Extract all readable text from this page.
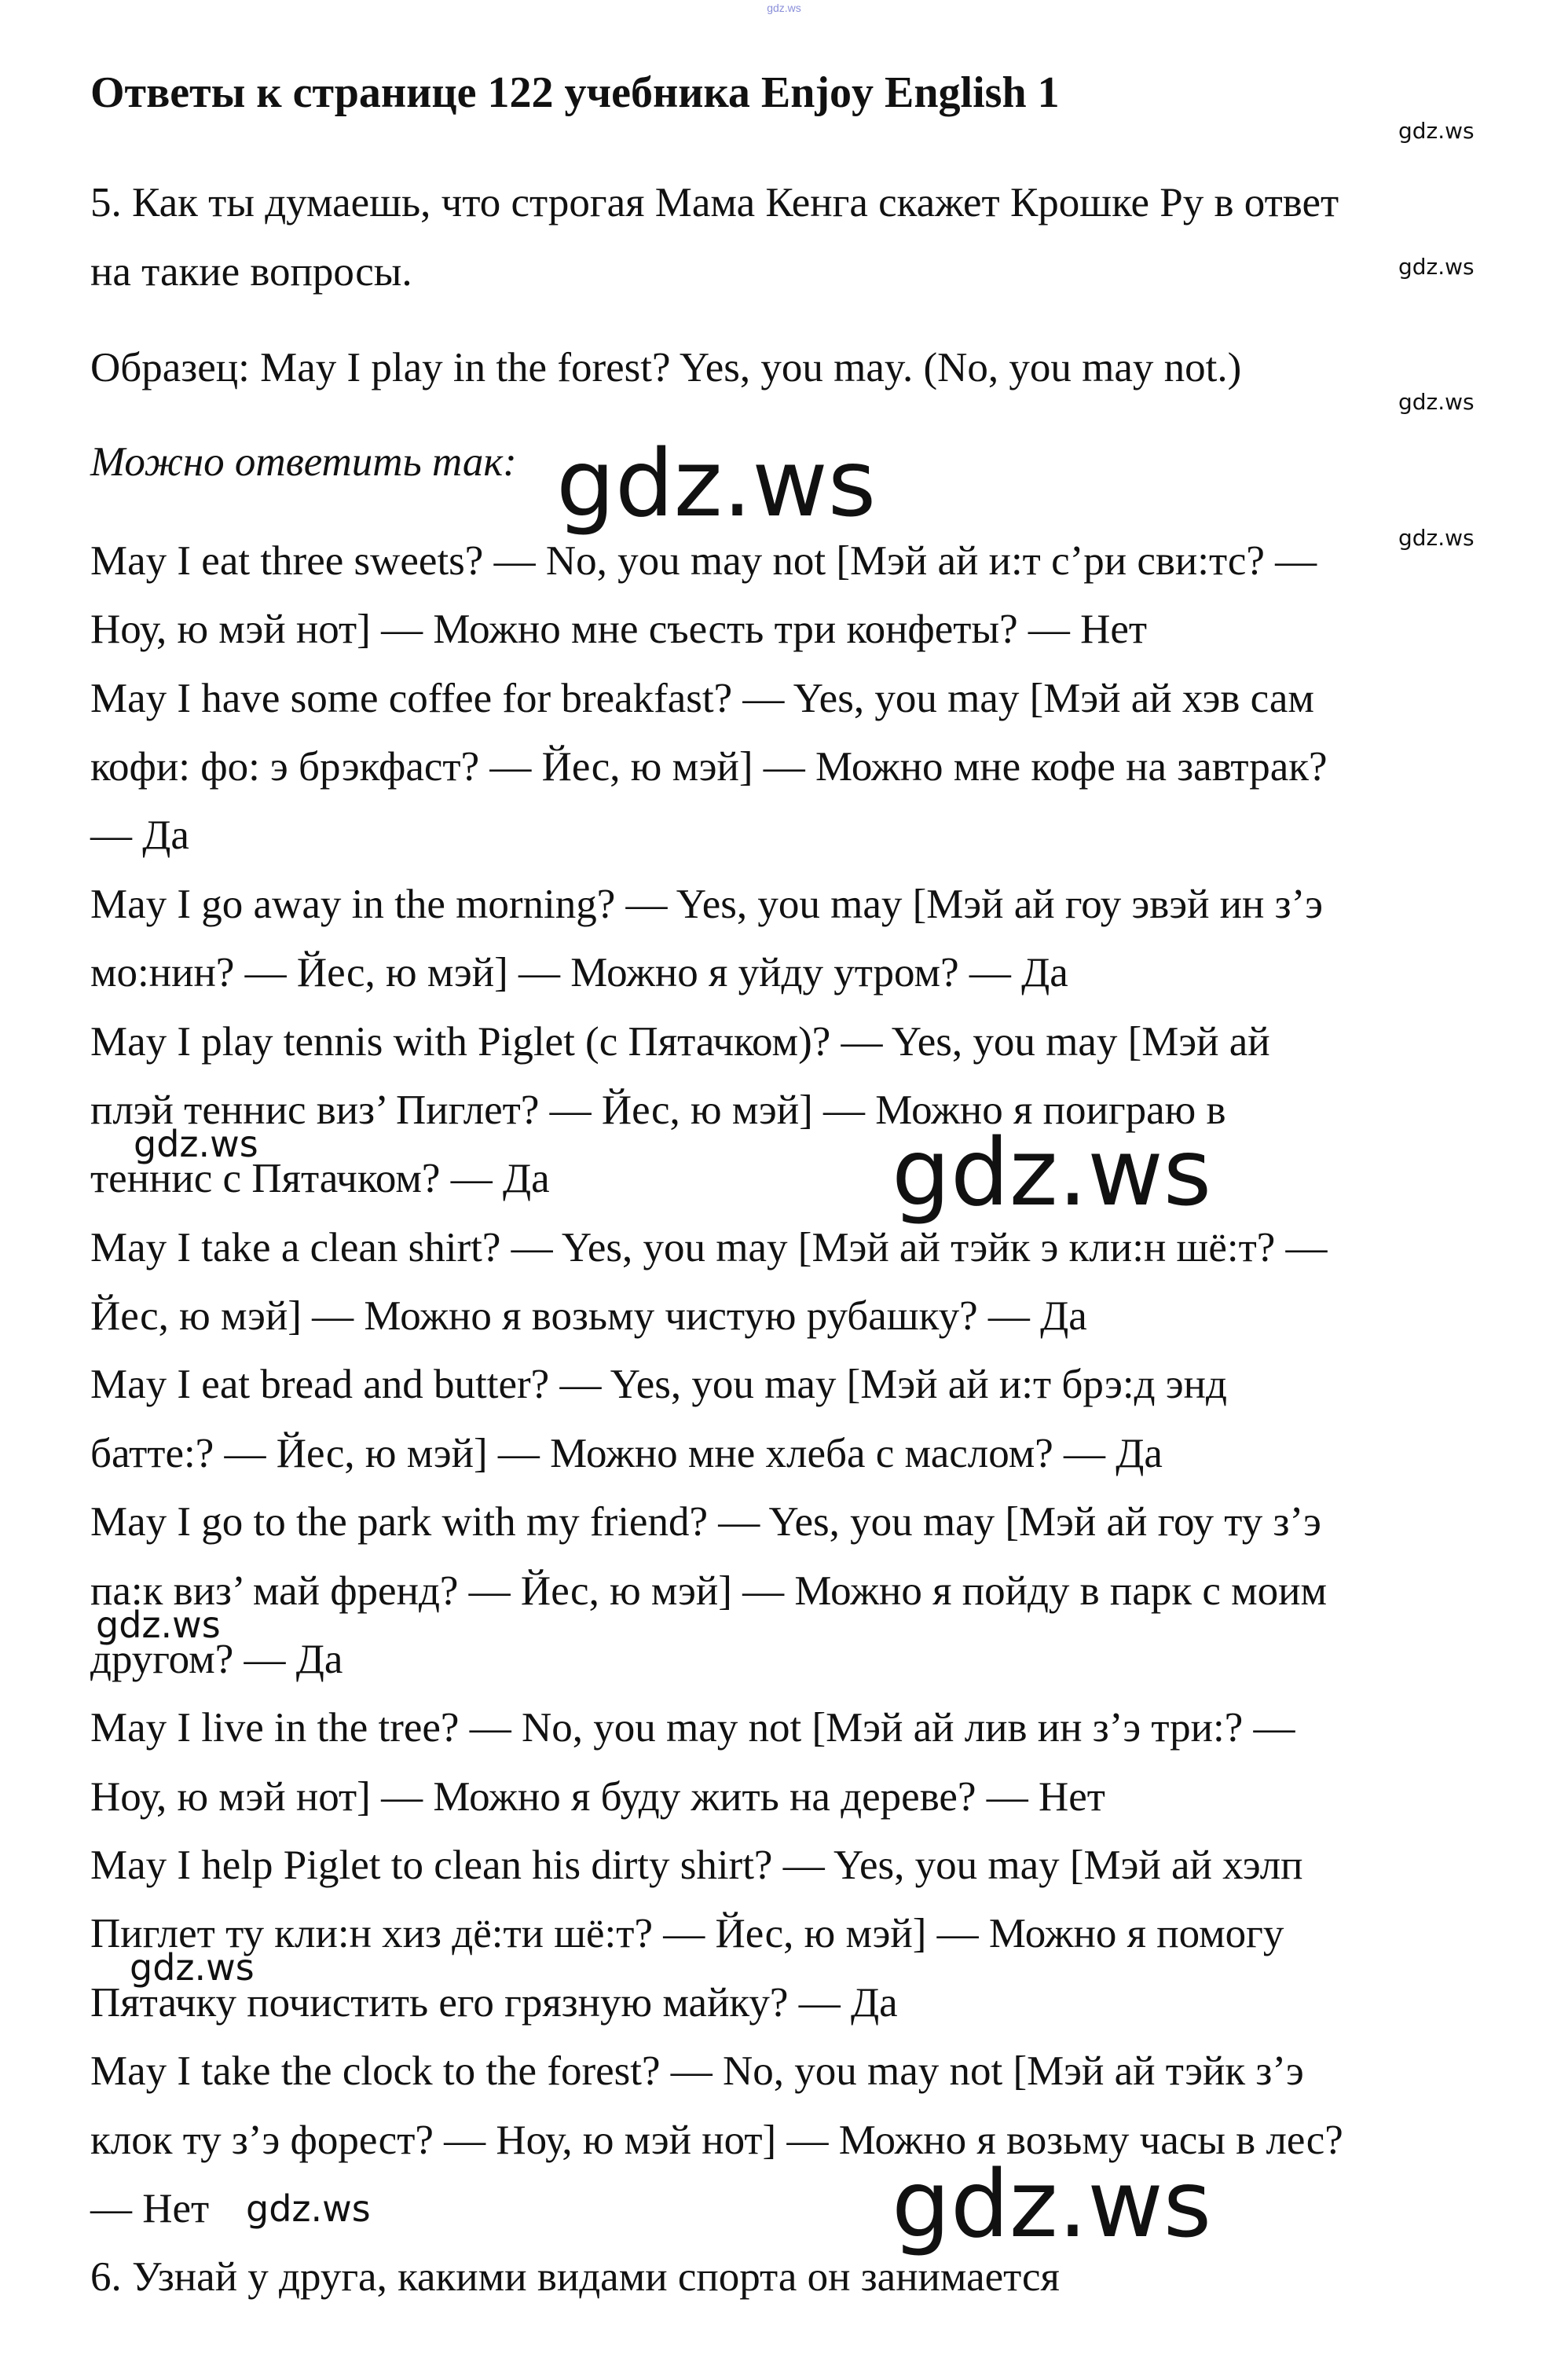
gdz.ws
Ответы к странице 122 учебника Enjoy English 1
5. Как ты думаешь, что строгая Мама Кенга скажет Крошке Ру в ответ
на такие вопросы.
Образец: May I play in the forest? Yes, you may. (No, you may not.)
Можно ответить так:
May I eat three sweets? — No, you may not [Мэй ай и:т с’ри сви:тс? —
Ноу, ю мэй нот] — Можно мне съесть три конфеты? — Нет
May I have some coffee for breakfast? — Yes, you may [Мэй ай хэв сам
кофи: фо: э брэкфаст? — Йес, ю мэй] — Можно мне кофе на завтрак?
— Да
May I go away in the morning? — Yes, you may [Мэй ай гоу эвэй ин з’э
мо:нин? — Йес, ю мэй] — Можно я уйду утром? — Да
May I play tennis with Piglet (с Пятачком)? — Yes, you may [Мэй ай
плэй теннис виз’ Пиглет? — Йес, ю мэй] — Можно я поиграю в
теннис с Пятачком? — Да
May I take a clean shirt? — Yes, you may [Мэй ай тэйк э кли:н шё:т? —
Йес, ю мэй] — Можно я возьму чистую рубашку? — Да
May I eat bread and butter? — Yes, you may [Мэй ай и:т брэ:д энд
батте:? — Йес, ю мэй] — Можно мне хлеба с маслом? — Да
May I go to the park with my friend? — Yes, you may [Мэй ай гоу ту з’э
па:к виз’ май френд? — Йес, ю мэй] — Можно я пойду в парк с моим
другом? — Да
May I live in the tree? — No, you may not [Мэй ай лив ин з’э три:? —
Ноу, ю мэй нот] — Можно я буду жить на дереве? — Нет
May I help Piglet to clean his dirty shirt? — Yes, you may [Мэй ай хэлп
Пиглет ту кли:н хиз дё:ти шё:т? — Йес, ю мэй] — Можно я помогу
Пятачку почистить его грязную майку? — Да
May I take the clock to the forest? — No, you may not [Мэй ай тэйк з’э
клок ту з’э форест? — Ноу, ю мэй нот] — Можно я возьму часы в лес?
— Нет
6. Узнай у друга, какими видами спорта он занимается
gdz.ws
gdz.ws
gdz.ws
gdz.ws
gdz.ws
gdz.ws
gdz.ws
gdz.ws
gdz.ws
gdz.ws
gdz.ws
